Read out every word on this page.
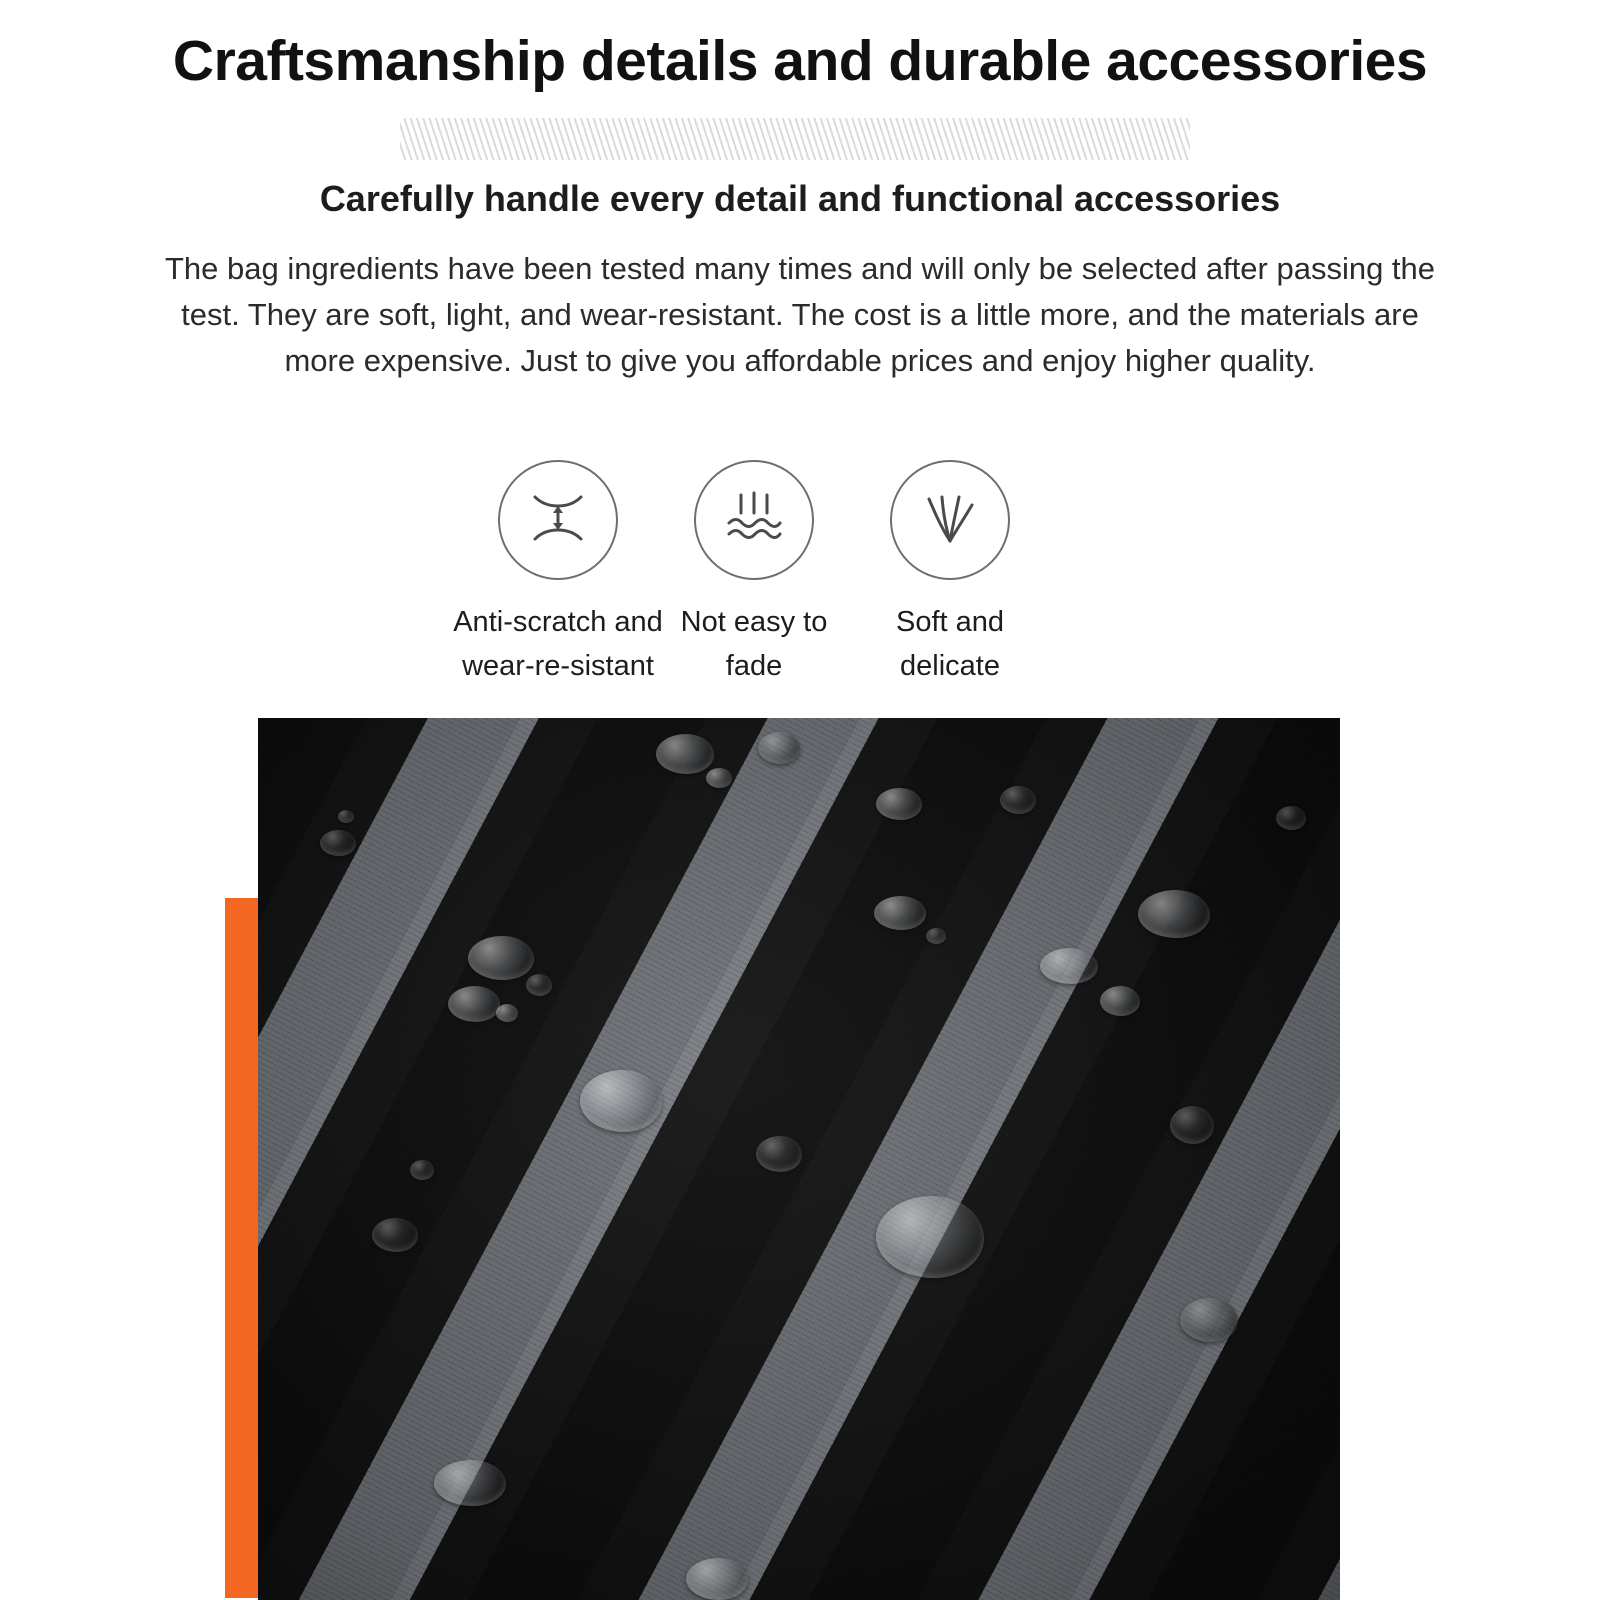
Craftsmanship details and durable accessories
Carefully handle every detail and functional accessories
The bag ingredients have been tested many times and will only be selected after passing the test. They are soft, light, and wear-resistant. The cost is a little more, and the materials are more expensive. Just to give you affordable prices and enjoy higher quality.
Anti-scratch and wear-re-sistant
Not easy to fade
Soft and delicate
